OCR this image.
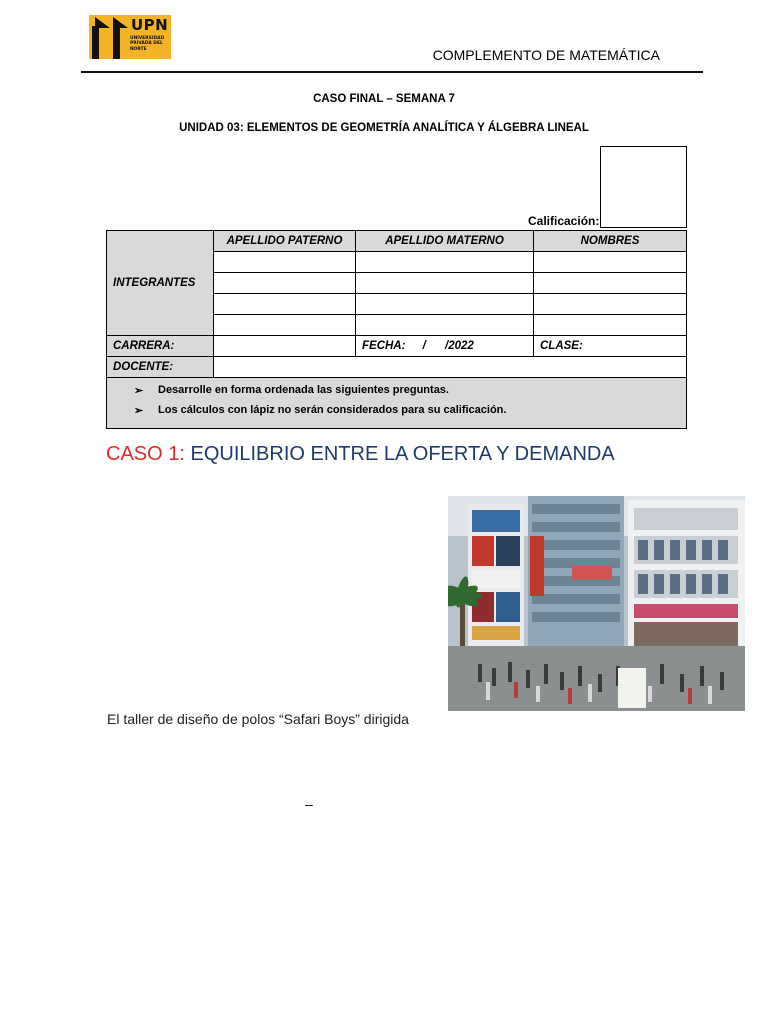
UPN
UNIVERSIDAD PRIVADA DEL NORTE	COMPLEMENTO DE MATEMÁTICA
CASO FINAL – SEMANA 7
UNIDAD 03: ELEMENTOS DE GEOMETRÍA ANALÍTICA Y ÁLGEBRA LINEAL
Calificación:
INTEGRANTES	APELLIDO PATERNO	APELLIDO MATERNO	NOMBRES

CARRERA:		FECHA: /      /2022	CLASE:
DOCENTE:			

➢ Desarrolle en forma ordenada las siguientes preguntas.
➢ Los cálculos con lápiz no serán considerados para su calificación.			
CASO 1: EQUILIBRIO ENTRE LA OFERTA Y DEMANDA
El taller de diseño de polos “Safari Boys” dirigida
–
